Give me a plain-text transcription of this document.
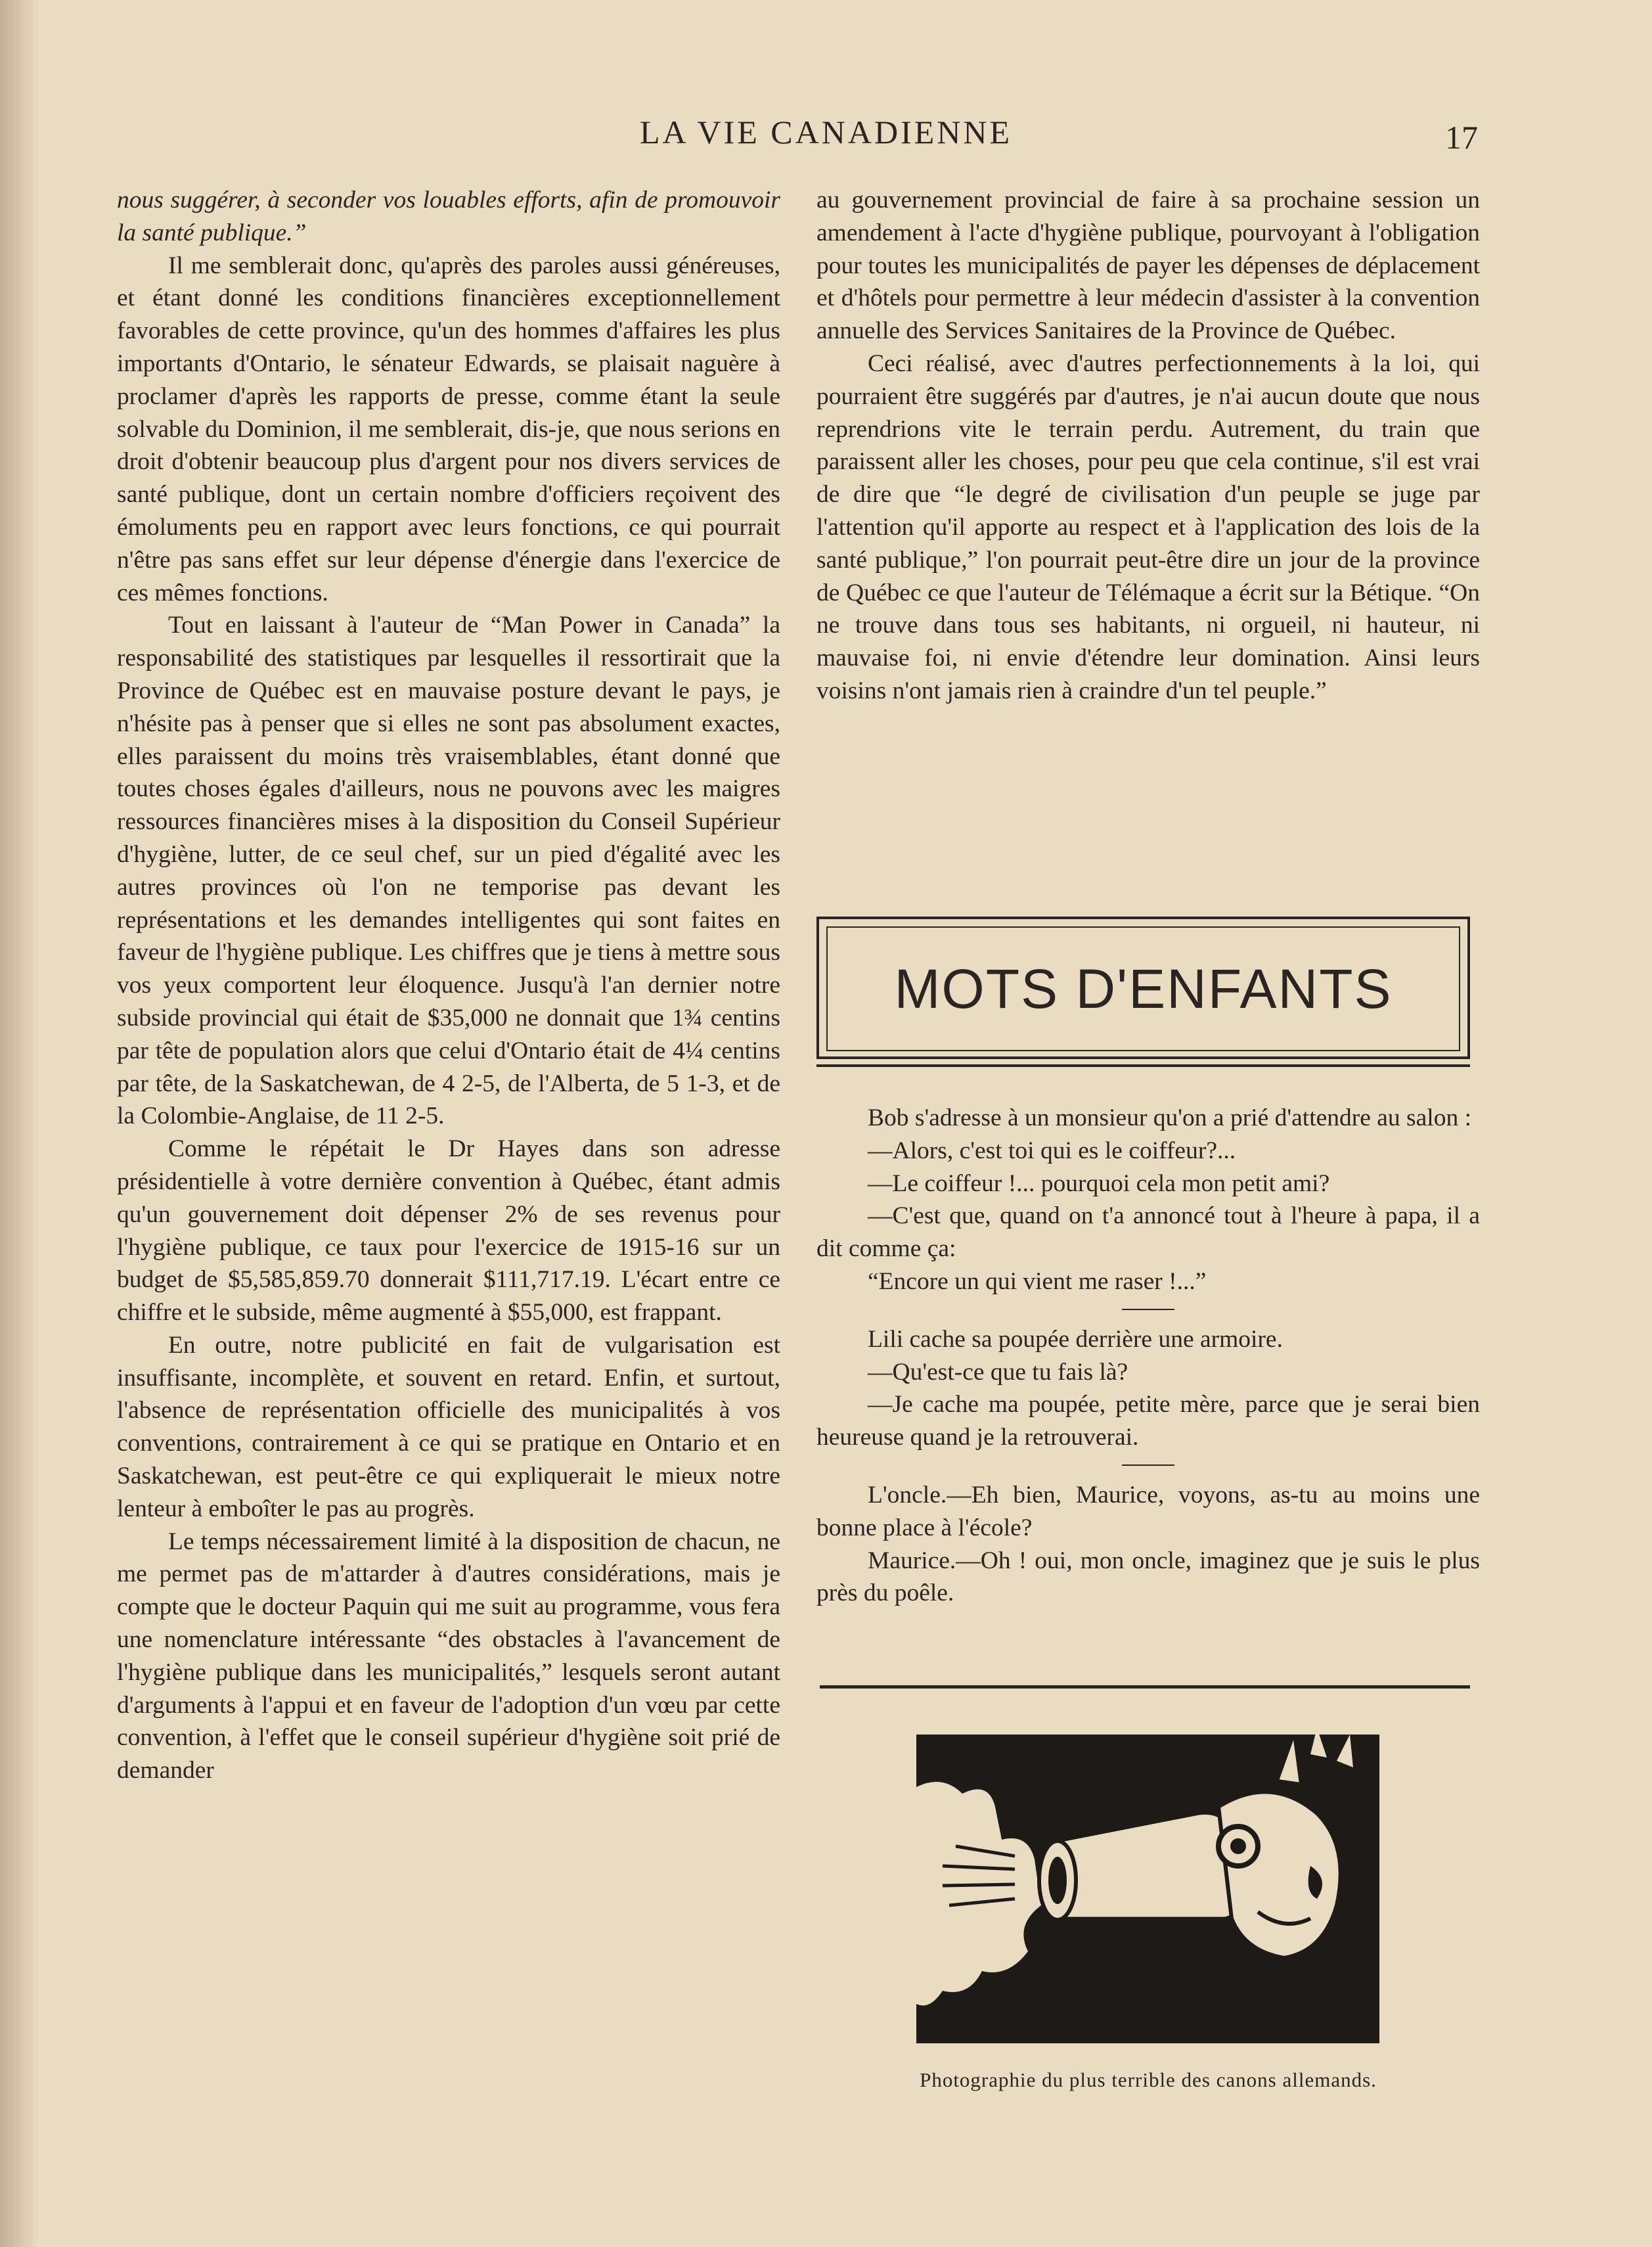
LA VIE CANADIENNE	17

nous suggérer, à seconder vos louables efforts, afin de promouvoir la santé publique.”

Il me semblerait donc, qu'après des paroles aussi généreuses, et étant donné les conditions financières exceptionnellement favorables de cette province, qu'un des hommes d'affaires les plus importants d'Ontario, le sénateur Edwards, se plaisait naguère à proclamer d'après les rapports de presse, comme étant la seule solvable du Dominion, il me semblerait, dis-je, que nous serions en droit d'obtenir beaucoup plus d'argent pour nos divers services de santé publique, dont un certain nombre d'officiers reçoivent des émoluments peu en rapport avec leurs fonctions, ce qui pourrait n'être pas sans effet sur leur dépense d'énergie dans l'exercice de ces mêmes fonctions.

Tout en laissant à l'auteur de “Man Power in Canada” la responsabilité des statistiques par lesquelles il ressortirait que la Province de Québec est en mauvaise posture devant le pays, je n'hésite pas à penser que si elles ne sont pas absolument exactes, elles paraissent du moins très vraisemblables, étant donné que toutes choses égales d'ailleurs, nous ne pouvons avec les maigres ressources financières mises à la disposition du Conseil Supérieur d'hygiène, lutter, de ce seul chef, sur un pied d'égalité avec les autres provinces où l'on ne temporise pas devant les représentations et les demandes intelligentes qui sont faites en faveur de l'hygiène publique. Les chiffres que je tiens à mettre sous vos yeux comportent leur éloquence. Jusqu'à l'an dernier notre subside provincial qui était de $35,000 ne donnait que 1¾ centins par tête de population alors que celui d'Ontario était de 4¼ centins par tête, de la Saskatchewan, de 4 2-5, de l'Alberta, de 5 1-3, et de la Colombie-Anglaise, de 11 2-5.

Comme le répétait le Dr Hayes dans son adresse présidentielle à votre dernière convention à Québec, étant admis qu'un gouvernement doit dépenser 2% de ses revenus pour l'hygiène publique, ce taux pour l'exercice de 1915-16 sur un budget de $5,585,859.70 donnerait $111,717.19. L'écart entre ce chiffre et le subside, même augmenté à $55,000, est frappant.

En outre, notre publicité en fait de vulgarisation est insuffisante, incomplète, et souvent en retard. Enfin, et surtout, l'absence de représentation officielle des municipalités à vos conventions, contrairement à ce qui se pratique en Ontario et en Saskatchewan, est peut-être ce qui expliquerait le mieux notre lenteur à emboîter le pas au progrès.

Le temps nécessairement limité à la disposition de chacun, ne me permet pas de m'attarder à d'autres considérations, mais je compte que le docteur Paquin qui me suit au programme, vous fera une nomenclature intéressante “des obstacles à l'avancement de l'hygiène publique dans les municipalités,” lesquels seront autant d'arguments à l'appui et en faveur de l'adoption d'un vœu par cette convention, à l'effet que le conseil supérieur d'hygiène soit prié de demander

au gouvernement provincial de faire à sa prochaine session un amendement à l'acte d'hygiène publique, pourvoyant à l'obligation pour toutes les municipalités de payer les dépenses de déplacement et d'hôtels pour permettre à leur médecin d'assister à la convention annuelle des Services Sanitaires de la Province de Québec.

Ceci réalisé, avec d'autres perfectionnements à la loi, qui pourraient être suggérés par d'autres, je n'ai aucun doute que nous reprendrions vite le terrain perdu. Autrement, du train que paraissent aller les choses, pour peu que cela continue, s'il est vrai de dire que “le degré de civilisation d'un peuple se juge par l'attention qu'il apporte au respect et à l'application des lois de la santé publique,” l'on pourrait peut-être dire un jour de la province de Québec ce que l'auteur de Télémaque a écrit sur la Bétique. “On ne trouve dans tous ses habitants, ni orgueil, ni hauteur, ni mauvaise foi, ni envie d'étendre leur domination. Ainsi leurs voisins n'ont jamais rien à craindre d'un tel peuple.”

MOTS D'ENFANTS

Bob s'adresse à un monsieur qu'on a prié d'attendre au salon :

—Alors, c'est toi qui es le coiffeur?...

—Le coiffeur !... pourquoi cela mon petit ami?

—C'est que, quand on t'a annoncé tout à l'heure à papa, il a dit comme ça:

“Encore un qui vient me raser !...”

Lili cache sa poupée derrière une armoire.

—Qu'est-ce que tu fais là?

—Je cache ma poupée, petite mère, parce que je serai bien heureuse quand je la retrouverai.

L'oncle.—Eh bien, Maurice, voyons, as-tu au moins une bonne place à l'école?

Maurice.—Oh ! oui, mon oncle, imaginez que je suis le plus près du poêle.

Photographie du plus terrible des canons allemands.
